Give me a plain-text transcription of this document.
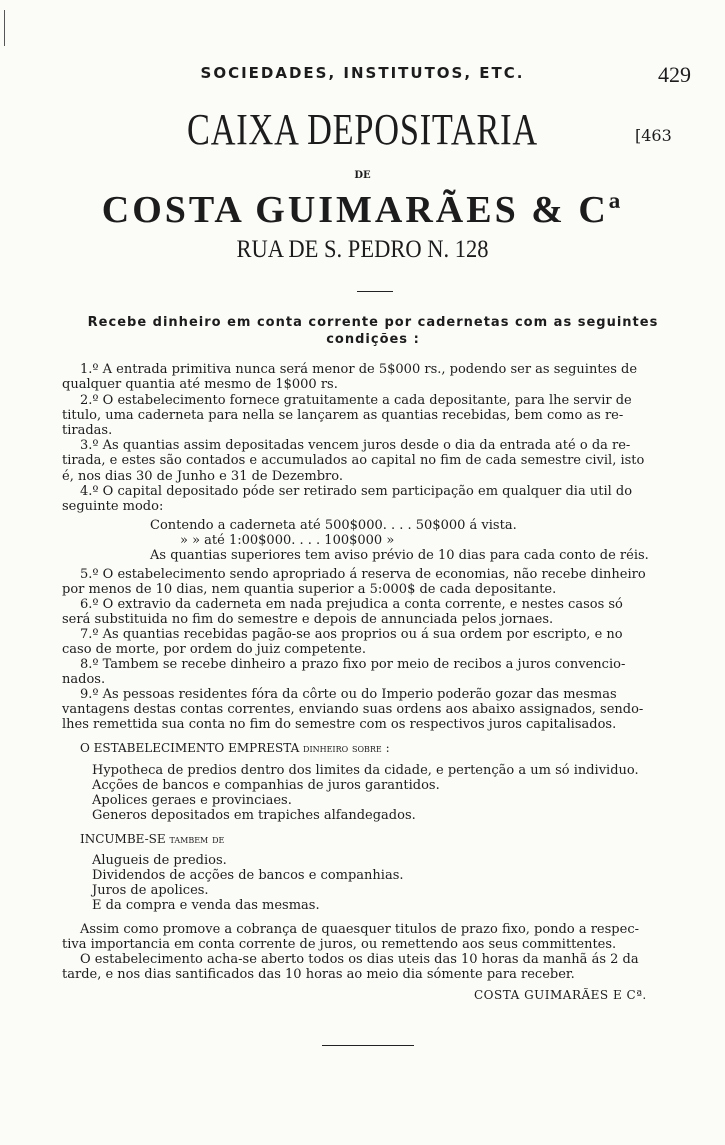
SOCIEDADES, INSTITUTOS, ETC.	429
CAIXA DEPOSITARIA	[463
DE
COSTA GUIMARÃES & Cª
RUA DE S. PEDRO N. 128
Recebe dinheiro em conta corrente por cadernetas com as seguintes condições :
1.º A entrada primitiva nunca será menor de 5$000 rs., podendo ser as seguintes de
qualquer quantia até mesmo de 1$000 rs.
2.º O estabelecimento fornece gratuitamente a cada depositante, para lhe servir de
titulo, uma caderneta para nella se lançarem as quantias recebidas, bem como as re-
tiradas.
3.º As quantias assim depositadas vencem juros desde o dia da entrada até o da re-
tirada, e estes são contados e accumulados ao capital no fim de cada semestre civil, isto
é, nos dias 30 de Junho e 31 de Dezembro.
4.º O capital depositado póde ser retirado sem participação em qualquer dia util do
seguinte modo:
Contendo a caderneta até 500$000. . . . 50$000 á vista.
» » até 1:00$000. . . . 100$000 »
As quantias superiores tem aviso prévio de 10 dias para cada conto de réis.
5.º O estabelecimento sendo apropriado á reserva de economias, não recebe dinheiro
por menos de 10 dias, nem quantia superior a 5:000$ de cada depositante.
6.º O extravio da caderneta em nada prejudica a conta corrente, e nestes casos só
será substituida no fim do semestre e depois de annunciada pelos jornaes.
7.º As quantias recebidas pagão-se aos proprios ou á sua ordem por escripto, e no
caso de morte, por ordem do juiz competente.
8.º Tambem se recebe dinheiro a prazo fixo por meio de recibos a juros convencio-
nados.
9.º As pessoas residentes fóra da côrte ou do Imperio poderão gozar das mesmas
vantagens destas contas correntes, enviando suas ordens aos abaixo assignados, sendo-
lhes remettida sua conta no fim do semestre com os respectivos juros capitalisados.
O ESTABELECIMENTO EMPRESTA dinheiro sobre :
Hypotheca de predios dentro dos limites da cidade, e pertenção a um só individuo.
Acções de bancos e companhias de juros garantidos.
Apolices geraes e provinciaes.
Generos depositados em trapiches alfandegados.
INCUMBE-SE tambem de
Alugueis de predios.
Dividendos de acções de bancos e companhias.
Juros de apolices.
E da compra e venda das mesmas.
Assim como promove a cobrança de quaesquer titulos de prazo fixo, pondo a respec-
tiva importancia em conta corrente de juros, ou remettendo aos seus committentes.
O estabelecimento acha-se aberto todos os dias uteis das 10 horas da manhã ás 2 da
tarde, e nos dias santificados das 10 horas ao meio dia sómente para receber.
COSTA GUIMARÃES E Cª.
